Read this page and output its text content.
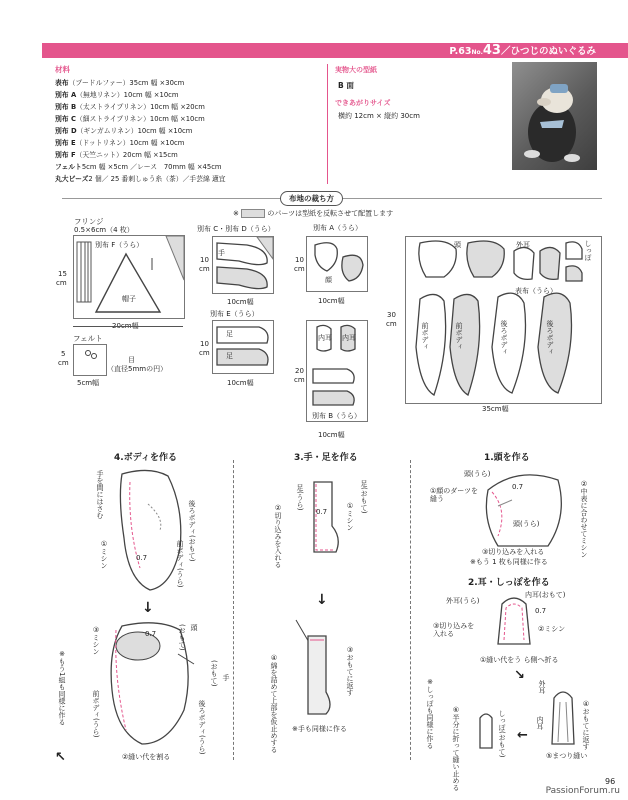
P.63No.43／ひつじのぬいぐるみ
材料
表布（プードルファー）35cm 幅 ×30cm
別布 A（無地リネン）10cm 幅 ×10cm
別布 B（太ストライプリネン）10cm 幅 ×20cm
別布 C（細ストライプリネン）10cm 幅 ×10cm
別布 D（ギンガムリネン）10cm 幅 ×10cm
別布 E（ドットリネン）10cm 幅 ×10cm
別布 F（天竺ニット）20cm 幅 ×15cm
フェルト5cm 幅 ×5cm ／レース　70mm 幅 ×45cm
丸大ビーズ2 個／ 25 番刺しゅう糸（茶）／手芸綿 適宜
実物大の型紙
B 面
できあがりサイズ
横約 12cm × 縦約 30cm
布地の裁ち方
※	のパーツは型紙を反転させて配置します
フリンジ
0.5×6cm（4 枚）
別布 F（うら）
帽子
15
cm
20cm幅
フェルト
目
（直径5mmの円）
5
cm
5cm幅
別布 C・別布 D（うら）
手
10
cm
10cm幅
別布 E（うら）
足
足
10
cm
10cm幅
別布 A（うら）
顔
10
cm
10cm幅
内耳 内耳
別布 B（うら）
20
cm
10cm幅
頭	外耳	しっぽ
表布（うら）
前ボディ	前ボディ	後ろボディ	後ろボディ
30
cm
35cm幅
4.ボディを作る
手を間にはさむ
後ろボディ(おもて)
前ボディ(うら)
①ミシン	0.7
↓
0.7
③ミシン	頭
(おもて)
手
(おもて)
後ろボディ(うら)
前ボディ(うら)
②縫い代を割る
※もう1組も同様に作る
↖
3.手・足を作る
足(おもて)
足(うら)
0.7
②切り込みを入れる	①ミシン
↓
③おもてに返す
④綿を詰めて上部を仮止めする ※手も同様に作る
1.頭を作る
頭(うら)
0.7
頭(うら)	②中表に合わせてミシン
①顔のダーツを縫う
③切り込みを入れる
※もう 1 枚も同様に作る
2.耳・しっぽを作る
外耳(うら)
内耳(おもて)
0.7
③切り込みを入れる
②ミシン
①縫い代をう ら側へ折る
↘
外耳
内耳	④おもてに返す
⑤まつり縫い
しっぽ(おもて)
⑥半分に折って縫い止める
※しっぽも同様に作る	←
96
PassionForum.ru
